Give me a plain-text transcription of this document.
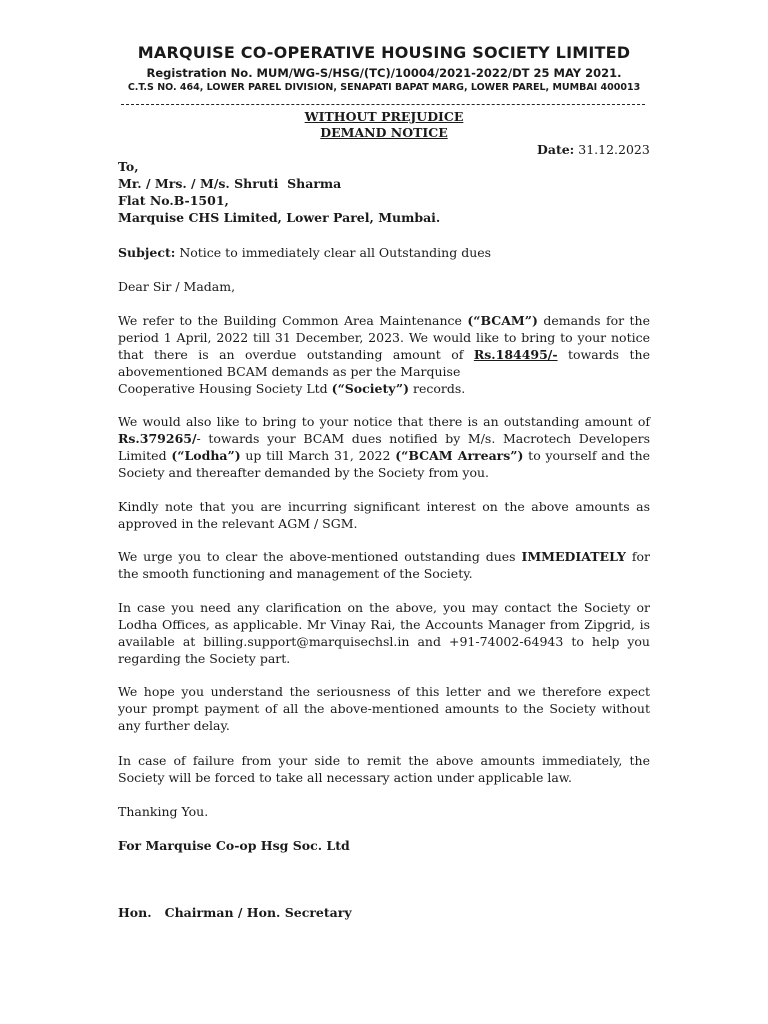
MARQUISE CO-OPERATIVE HOUSING SOCIETY LIMITED
Registration No. MUM/WG-S/HSG/(TC)/10004/2021-2022/DT 25 MAY 2021.
C.T.S NO. 464, LOWER PAREL DIVISION, SENAPATI BAPAT MARG, LOWER PAREL, MUMBAI 400013
WITHOUT PREJUDICE
DEMAND NOTICE
Date: 31.12.2023
To,
Mr. / Mrs. / M/s. Shruti  Sharma
Flat No.B-1501,
Marquise CHS Limited, Lower Parel, Mumbai.
Subject: Notice to immediately clear all Outstanding dues
Dear Sir / Madam,
We refer to the Building Common Area Maintenance (“BCAM”) demands for the period 1 April, 2022 till 31 December, 2023. We would like to bring to your notice that there is an overdue outstanding amount of Rs.184495/- towards the abovementioned BCAM demands as per the Marquise
Cooperative Housing Society Ltd (“Society”) records.
We would also like to bring to your notice that there is an outstanding amount of Rs.379265/- towards your BCAM dues notified by M/s. Macrotech Developers Limited (“Lodha”) up till March 31, 2022 (“BCAM Arrears”) to yourself and the Society and thereafter demanded by the Society from you.
Kindly note that you are incurring significant interest on the above amounts as approved in the relevant AGM / SGM.
We urge you to clear the above-mentioned outstanding dues IMMEDIATELY for the smooth functioning and management of the Society.
In case you need any clarification on the above, you may contact the Society or Lodha Offices, as applicable. Mr Vinay Rai, the Accounts Manager from Zipgrid, is available at billing.support@marquisechsl.in and +91-74002-64943 to help you regarding the Society part.
We hope you understand the seriousness of this letter and we therefore expect your prompt payment of all the above-mentioned amounts to the Society without any further delay.
In case of failure from your side to remit the above amounts immediately, the Society will be forced to take all necessary action under applicable law.
Thanking You.
For Marquise Co-op Hsg Soc. Ltd
Hon.   Chairman / Hon. Secretary
